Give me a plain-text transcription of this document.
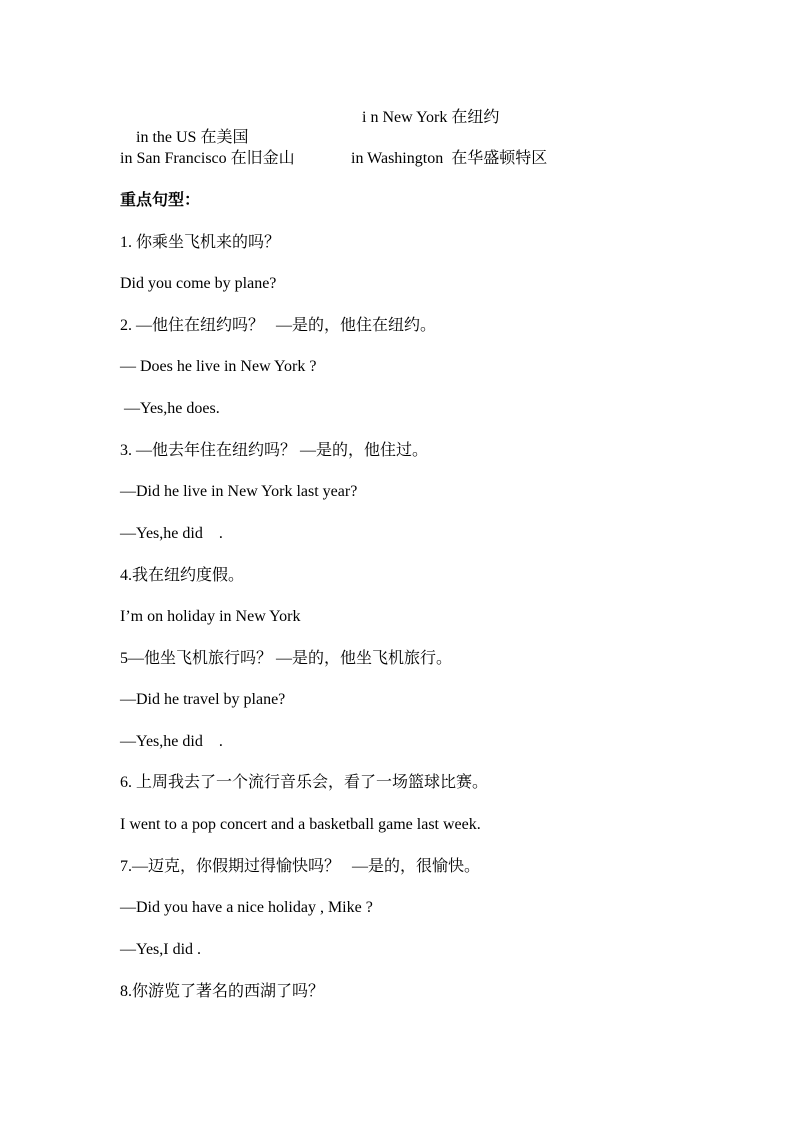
in the US 在美国

i n New York 在纽约
in San Francisco 在旧金山	in Washington  在华盛顿特区
重点句型：
1. 你乘坐飞机来的吗？
Did you come by plane?
2. —他住在纽约吗？   —是的，他住在纽约。
— Does he live in New York ?
—Yes,he does.
3. —他去年住在纽约吗？ —是的，他住过。
—Did he live in New York last year?
—Yes,he did    .
4.我在纽约度假。
I’m on holiday in New York
5—他坐飞机旅行吗？ —是的，他坐飞机旅行。
—Did he travel by plane?
—Yes,he did    .
6. 上周我去了一个流行音乐会，看了一场篮球比赛。
I went to a pop concert and a basketball game last week.
7.—迈克，你假期过得愉快吗？   —是的，很愉快。
—Did you have a nice holiday , Mike ?
—Yes,I did .
8.你游览了著名的西湖了吗？
